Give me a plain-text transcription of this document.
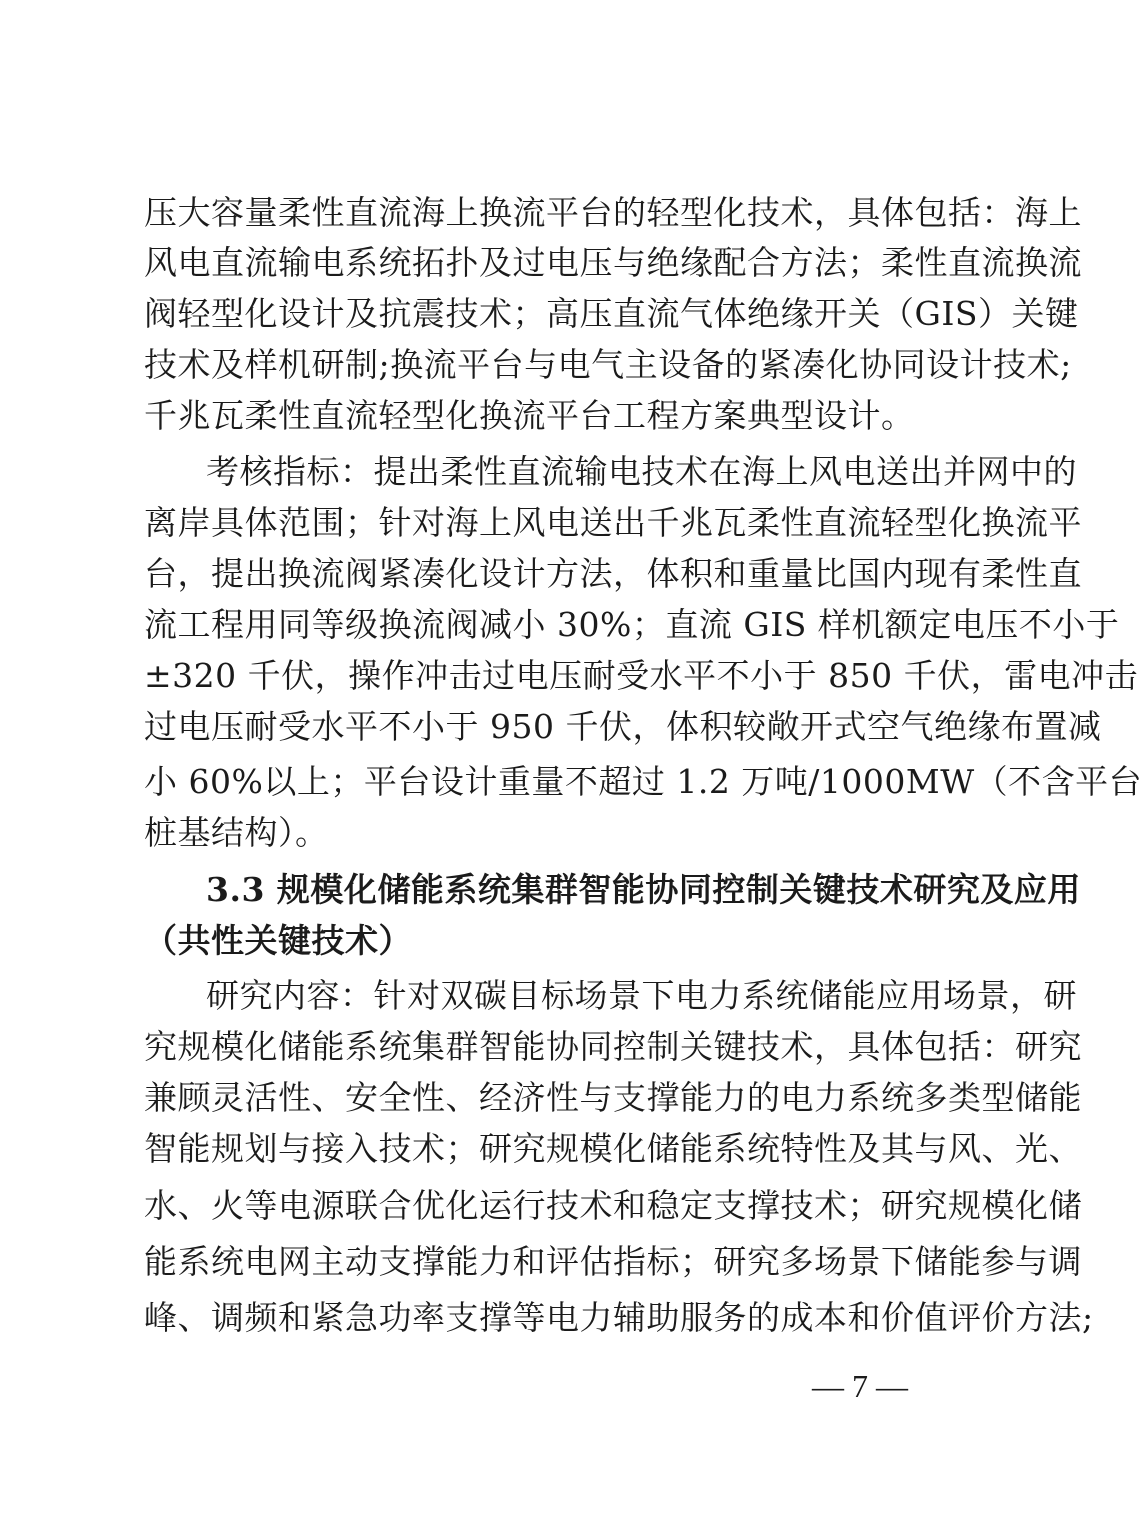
压大容量柔性直流海上换流平台的轻型化技术，具体包括：海上
风电直流输电系统拓扑及过电压与绝缘配合方法；柔性直流换流
阀轻型化设计及抗震技术；高压直流气体绝缘开关（GIS）关键
技术及样机研制;换流平台与电气主设备的紧凑化协同设计技术;
千兆瓦柔性直流轻型化换流平台工程方案典型设计。
考核指标：提出柔性直流输电技术在海上风电送出并网中的
离岸具体范围；针对海上风电送出千兆瓦柔性直流轻型化换流平
台，提出换流阀紧凑化设计方法，体积和重量比国内现有柔性直
流工程用同等级换流阀减小 30%；直流 GIS 样机额定电压不小于
±320 千伏，操作冲击过电压耐受水平不小于 850 千伏，雷电冲击
过电压耐受水平不小于 950 千伏，体积较敞开式空气绝缘布置减
小 60%以上；平台设计重量不超过 1.2 万吨/1000MW（不含平台
桩基结构）。
3.3 规模化储能系统集群智能协同控制关键技术研究及应用
（共性关键技术）
研究内容：针对双碳目标场景下电力系统储能应用场景，研
究规模化储能系统集群智能协同控制关键技术，具体包括：研究
兼顾灵活性、安全性、经济性与支撑能力的电力系统多类型储能
智能规划与接入技术；研究规模化储能系统特性及其与风、光、
水、火等电源联合优化运行技术和稳定支撑技术；研究规模化储
能系统电网主动支撑能力和评估指标；研究多场景下储能参与调
峰、调频和紧急功率支撑等电力辅助服务的成本和价值评价方法;
— 7 —
